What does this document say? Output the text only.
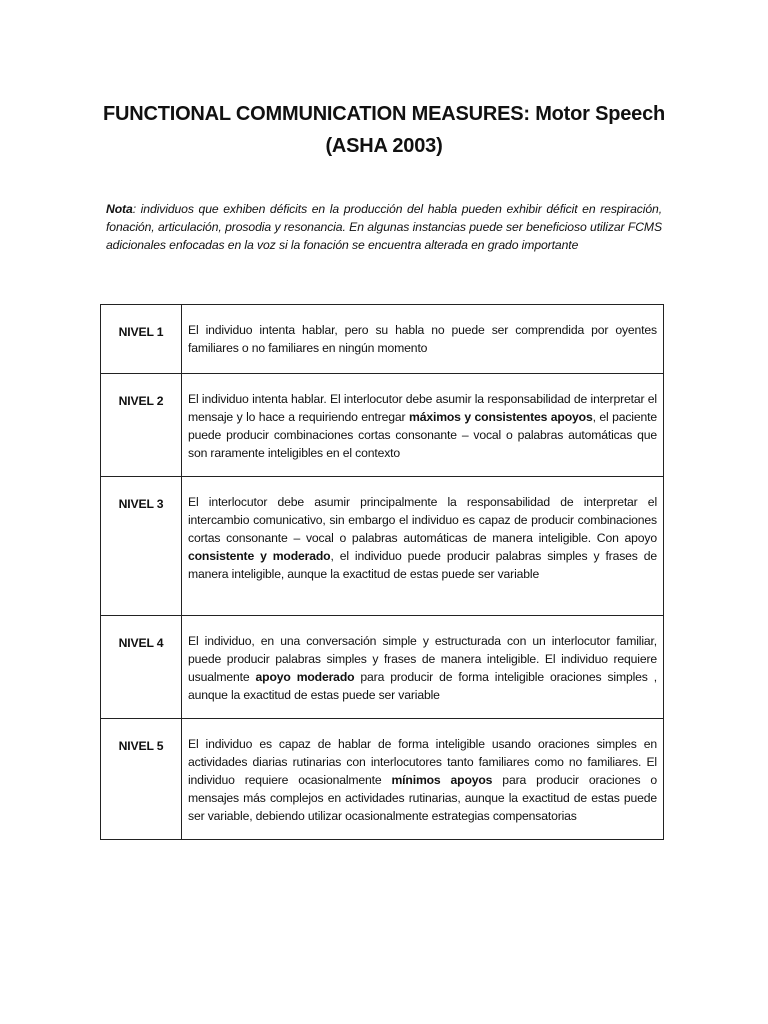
FUNCTIONAL COMMUNICATION MEASURES: Motor Speech
(ASHA 2003)
Nota: individuos que exhiben déficits en la producción del habla pueden exhibir déficit en respiración, fonación, articulación, prosodia y resonancia. En algunas instancias puede ser beneficioso utilizar FCMS adicionales enfocadas en la voz si la fonación se encuentra alterada en grado importante
NIVEL 1	El individuo intenta hablar, pero su habla no puede ser comprendida por oyentes familiares o no familiares en ningún momento
NIVEL 2	El individuo intenta hablar. El interlocutor debe asumir la responsabilidad de interpretar el mensaje y lo hace a requiriendo entregar máximos y consistentes apoyos, el paciente puede producir combinaciones cortas consonante – vocal o palabras automáticas que son raramente inteligibles en el contexto
NIVEL 3	El interlocutor debe asumir principalmente la responsabilidad de interpretar el intercambio comunicativo, sin embargo el individuo es capaz de producir combinaciones cortas consonante – vocal o palabras automáticas de manera inteligible. Con apoyo consistente y moderado, el individuo puede producir palabras simples y frases de manera inteligible, aunque la exactitud de estas puede ser variable
NIVEL 4	El individuo, en una conversación simple y estructurada con un interlocutor familiar, puede producir palabras simples y frases de manera inteligible. El individuo requiere usualmente apoyo moderado para producir de forma inteligible oraciones simples , aunque la exactitud de estas puede ser variable
NIVEL 5	El individuo es capaz de hablar de forma inteligible usando oraciones simples en actividades diarias rutinarias con interlocutores tanto familiares como no familiares. El individuo requiere ocasionalmente mínimos apoyos para producir oraciones o mensajes más complejos en actividades rutinarias, aunque la exactitud de estas puede ser variable, debiendo utilizar ocasionalmente estrategias compensatorias
